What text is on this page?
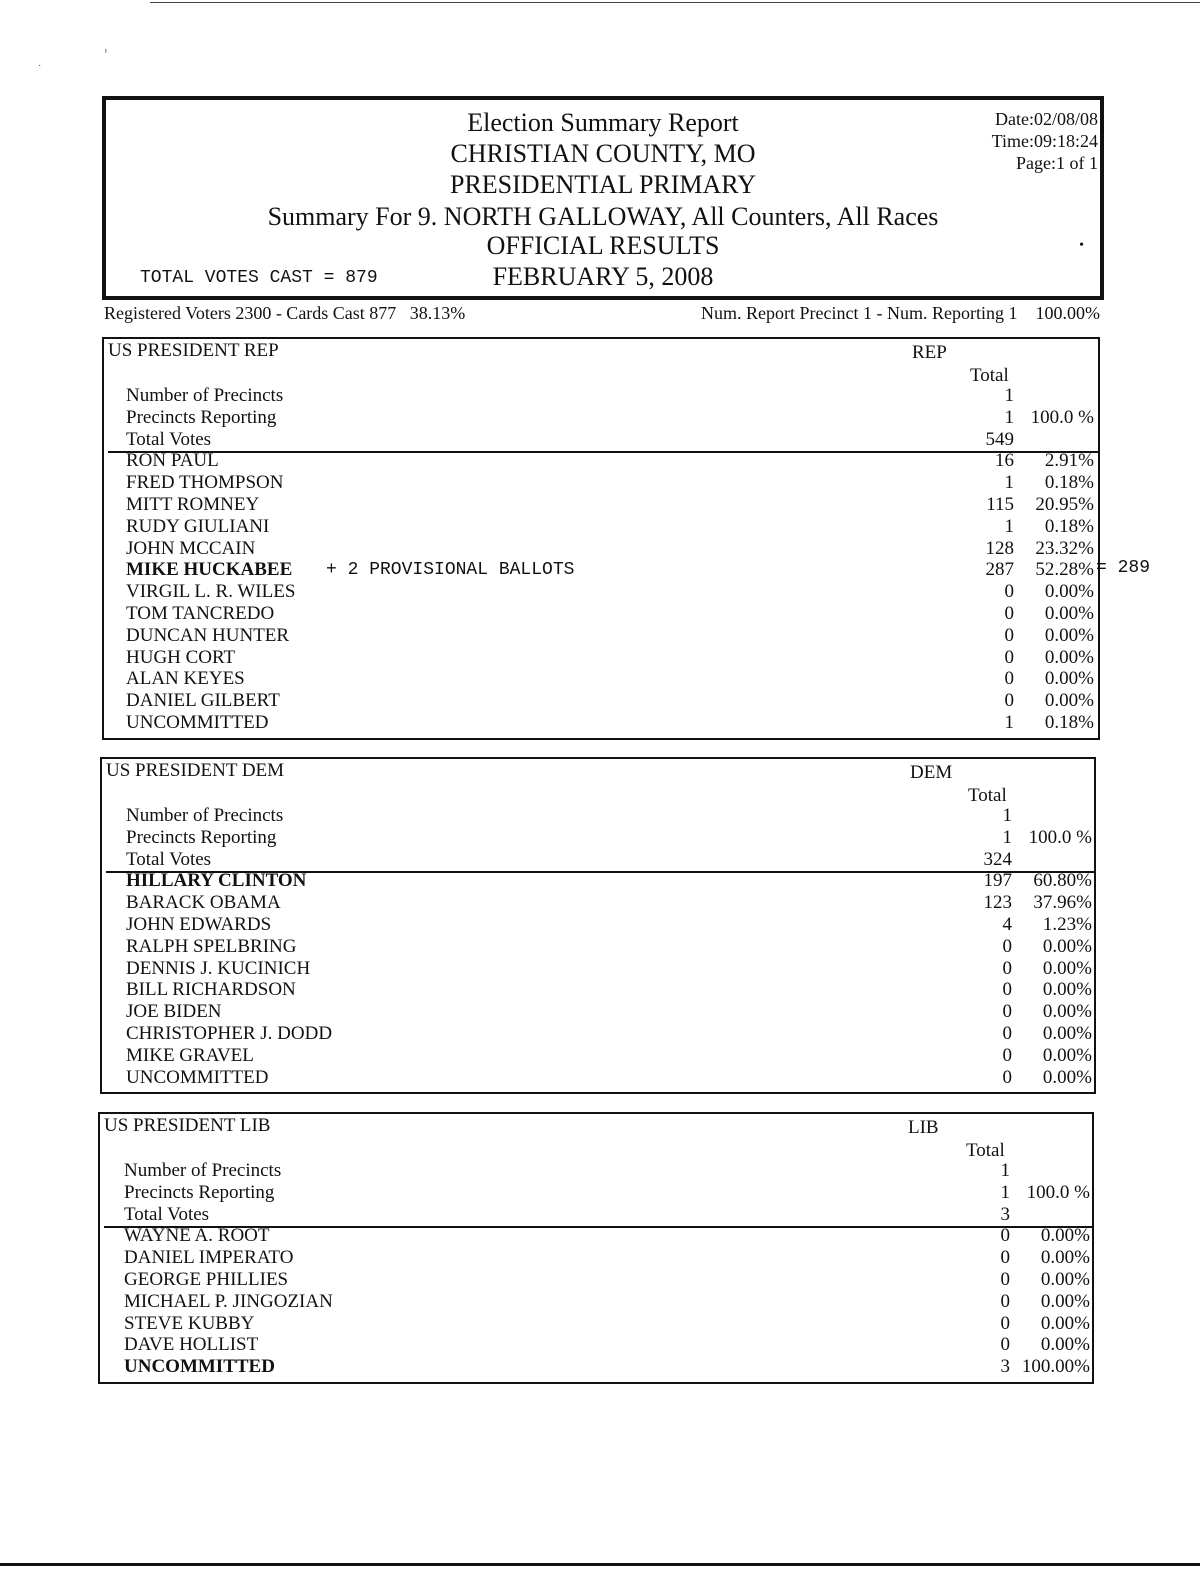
ⸯ
˙
Election Summary Report
CHRISTIAN COUNTY, MO
PRESIDENTIAL PRIMARY
Summary For 9. NORTH GALLOWAY, All Counters, All Races
OFFICIAL RESULTS
FEBRUARY 5, 2008
Date:02/08/08
Time:09:18:24
Page:1 of 1
TOTAL VOTES CAST = 879
•
Registered Voters 2300 - Cards Cast 877   38.13%	Num. Report Precinct 1 - Num. Reporting 1    100.00%
= 289
US PRESIDENT REP	REP
Total
Number of Precincts	1
Precincts Reporting	1 100.0 %
Total Votes	549
RON PAUL	16	2.91%
FRED THOMPSON	1	0.18%
MITT ROMNEY	115	20.95%
RUDY GIULIANI	1	0.18%
JOHN MCCAIN	128	23.32%
MIKE HUCKABEE	287	52.28%
+ 2 PROVISIONAL BALLOTS
VIRGIL L. R. WILES	0	0.00%
TOM TANCREDO	0	0.00%
DUNCAN HUNTER	0	0.00%
HUGH CORT	0	0.00%
ALAN KEYES	0	0.00%
DANIEL GILBERT	0	0.00%
UNCOMMITTED	1	0.18%
US PRESIDENT DEM	DEM
Total
Number of Precincts	1
Precincts Reporting	1 100.0 %
Total Votes	324
HILLARY CLINTON	197	60.80%
BARACK OBAMA	123	37.96%
JOHN EDWARDS	4	1.23%
RALPH SPELBRING	0	0.00%
DENNIS J. KUCINICH	0	0.00%
BILL RICHARDSON	0	0.00%
JOE BIDEN	0	0.00%
CHRISTOPHER J. DODD	0	0.00%
MIKE GRAVEL	0	0.00%
UNCOMMITTED	0	0.00%
US PRESIDENT LIB	LIB
Total
Number of Precincts	1
Precincts Reporting	1 100.0 %
Total Votes	3
WAYNE A. ROOT	0	0.00%
DANIEL IMPERATO	0	0.00%
GEORGE PHILLIES	0	0.00%
MICHAEL P. JINGOZIAN	0	0.00%
STEVE KUBBY	0	0.00%
DAVE HOLLIST	0	0.00%
UNCOMMITTED	3 100.00%
